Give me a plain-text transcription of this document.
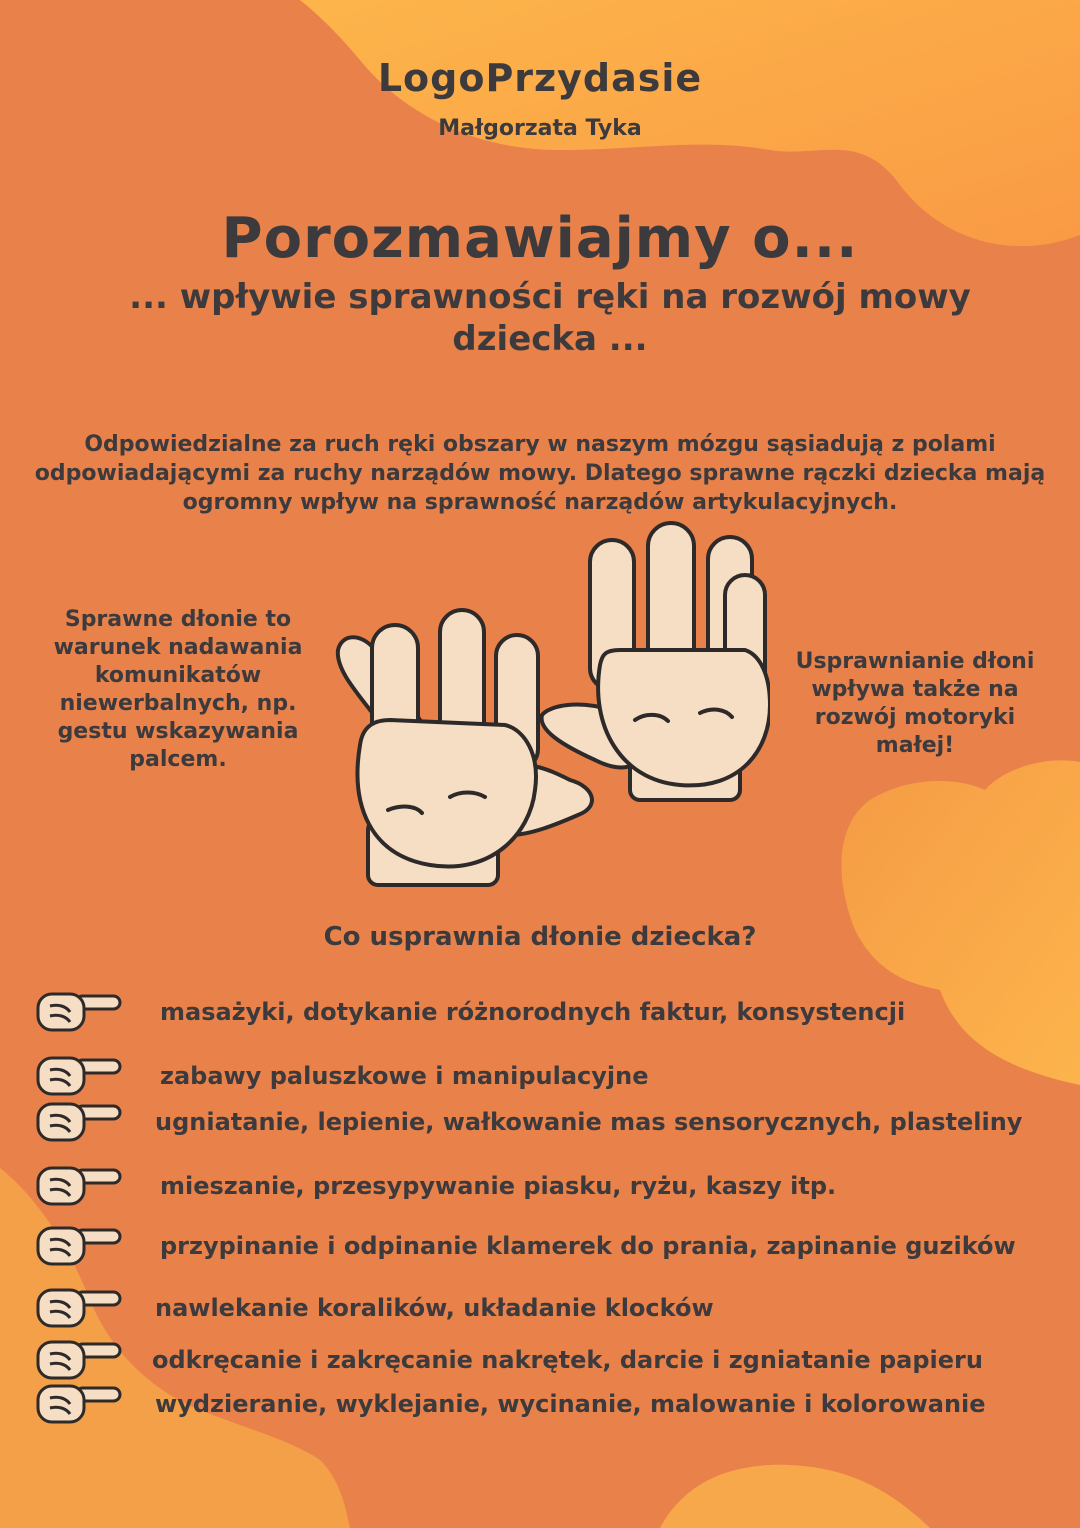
LogoPrzydasie
Małgorzata Tyka
Porozmawiajmy o...
... wpływie sprawności ręki na rozwój mowy dziecka ...
Odpowiedzialne za ruch ręki obszary w naszym mózgu sąsiadują z polami odpowiadającymi za ruchy narządów mowy. Dlatego sprawne rączki dziecka mają ogromny wpływ na sprawność narządów artykulacyjnych.
Sprawne dłonie to warunek nadawania komunikatów niewerbalnych, np. gestu wskazywania palcem.
Usprawnianie dłoni wpływa także na rozwój motoryki małej!
Co usprawnia dłonie dziecka?
masażyki, dotykanie różnorodnych faktur, konsystencji
zabawy paluszkowe i manipulacyjne
ugniatanie, lepienie, wałkowanie mas sensorycznych, plasteliny
mieszanie, przesypywanie piasku, ryżu, kaszy itp.
przypinanie i odpinanie klamerek do prania, zapinanie guzików
nawlekanie koralików, układanie klocków
odkręcanie i zakręcanie nakrętek, darcie i zgniatanie papieru
wydzieranie, wyklejanie, wycinanie, malowanie i kolorowanie
